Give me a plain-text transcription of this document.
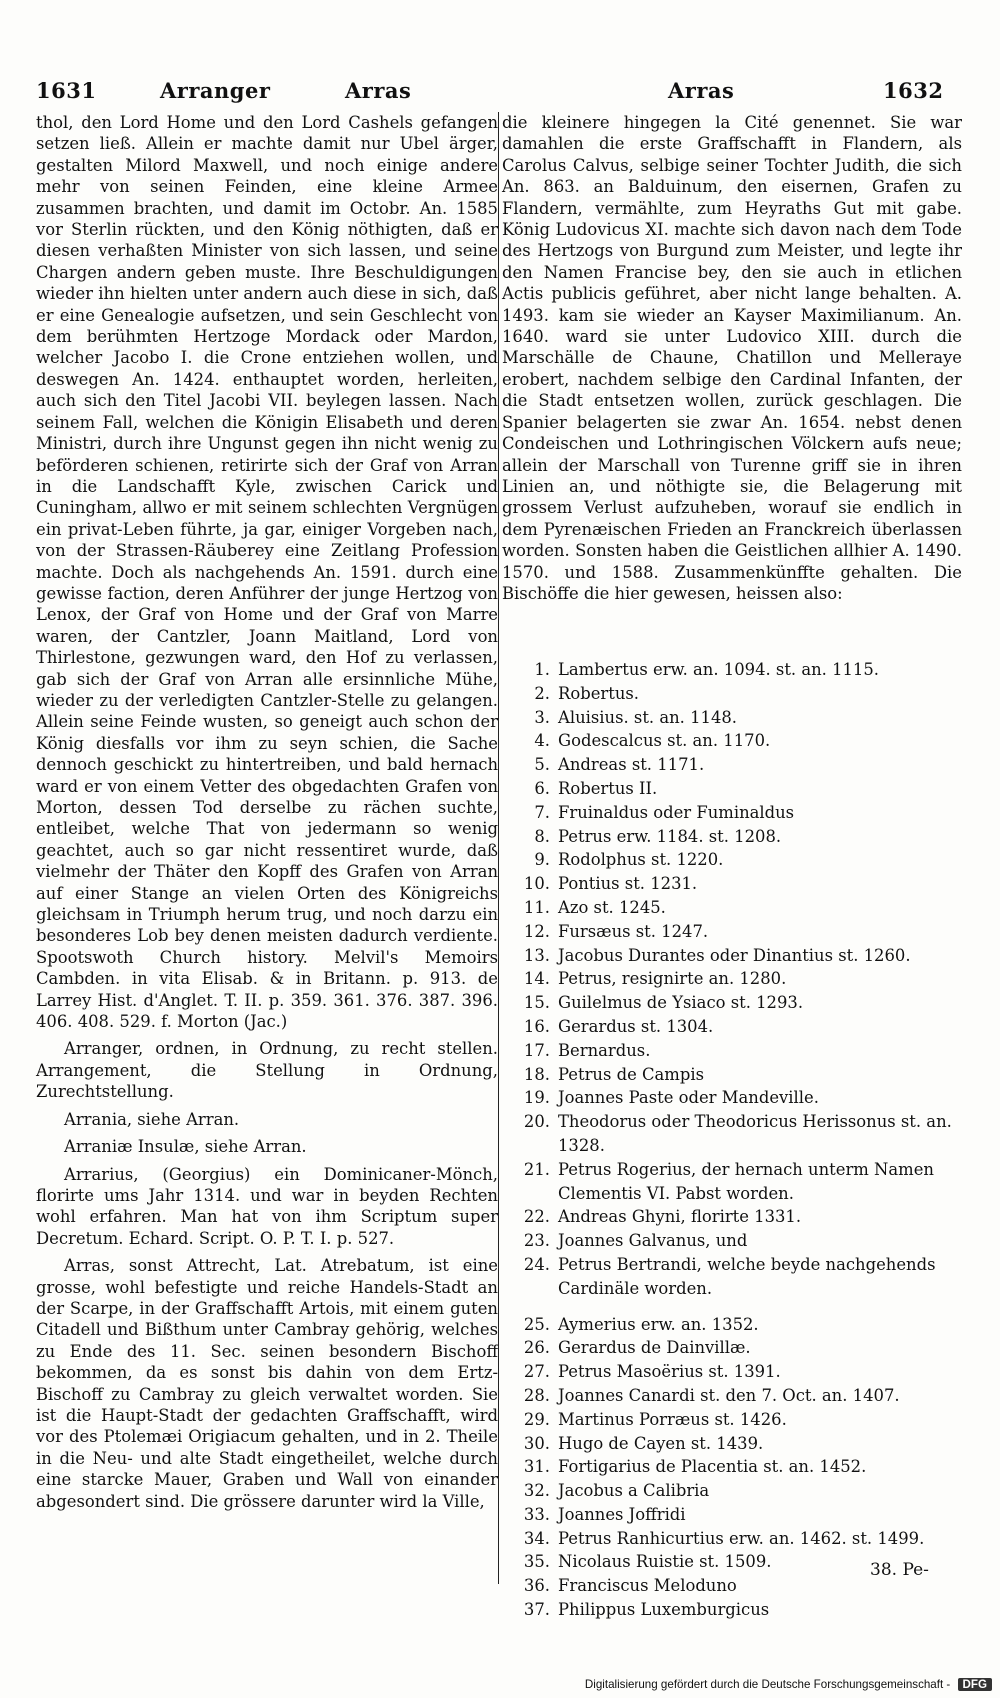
1631	Arranger	Arras	Arras	1632

thol, den Lord Home und den Lord Cashels gefangen setzen ließ. Allein er machte damit nur Ubel ärger, gestalten Milord Maxwell, und noch einige andere mehr von seinen Feinden, eine kleine Armee zusammen brachten, und damit im Octobr. An. 1585 vor Sterlin rückten, und den König nöthigten, daß er diesen verhaßten Minister von sich lassen, und seine Chargen andern geben muste. Ihre Beschuldigungen wieder ihn hielten unter andern auch diese in sich, daß er eine Genealogie aufsetzen, und sein Geschlecht von dem berühmten Hertzoge Mordack oder Mardon, welcher Jacobo I. die Crone entziehen wollen, und deswegen An. 1424. enthauptet worden, herleiten, auch sich den Titel Jacobi VII. beylegen lassen. Nach seinem Fall, welchen die Königin Elisabeth und deren Ministri, durch ihre Ungunst gegen ihn nicht wenig zu beförderen schienen, retirirte sich der Graf von Arran in die Landschafft Kyle, zwischen Carick und Cuningham, allwo er mit seinem schlechten Vergnügen ein privat-Leben führte, ja gar, einiger Vorgeben nach, von der Strassen-Räuberey eine Zeitlang Profession machte. Doch als nachgehends An. 1591. durch eine gewisse faction, deren Anführer der junge Hertzog von Lenox, der Graf von Home und der Graf von Marre waren, der Cantzler, Joann Maitland, Lord von Thirlestone, gezwungen ward, den Hof zu verlassen, gab sich der Graf von Arran alle ersinnliche Mühe, wieder zu der verledigten Cantzler-Stelle zu gelangen. Allein seine Feinde wusten, so geneigt auch schon der König diesfalls vor ihm zu seyn schien, die Sache dennoch geschickt zu hintertreiben, und bald hernach ward er von einem Vetter des obgedachten Grafen von Morton, dessen Tod derselbe zu rächen suchte, entleibet, welche That von jedermann so wenig geachtet, auch so gar nicht ressentiret wurde, daß vielmehr der Thäter den Kopff des Grafen von Arran auf einer Stange an vielen Orten des Königreichs gleichsam in Triumph herum trug, und noch darzu ein besonderes Lob bey denen meisten dadurch verdiente. Spootswoth Church history. Melvil's Memoirs Cambden. in vita Elisab. & in Britann. p. 913. de Larrey Hist. d'Anglet. T. II. p. 359. 361. 376. 387. 396. 406. 408. 529. f. Morton (Jac.)

Arranger, ordnen, in Ordnung, zu recht stellen. Arrangement, die Stellung in Ordnung, Zurechtstellung.

Arrania, siehe Arran.

Arraniæ Insulæ, siehe Arran.

Arrarius, (Georgius) ein Dominicaner-Mönch, florirte ums Jahr 1314. und war in beyden Rechten wohl erfahren. Man hat von ihm Scriptum super Decretum. Echard. Script. O. P. T. I. p. 527.

Arras, sonst Attrecht, Lat. Atrebatum, ist eine grosse, wohl befestigte und reiche Handels-Stadt an der Scarpe, in der Graffschafft Artois, mit einem guten Citadell und Bißthum unter Cambray gehörig, welches zu Ende des 11. Sec. seinen besondern Bischoff bekommen, da es sonst bis dahin von dem Ertz-Bischoff zu Cambray zu gleich verwaltet worden. Sie ist die Haupt-Stadt der gedachten Graffschafft, wird vor des Ptolemæi Origiacum gehalten, und in 2. Theile in die Neu- und alte Stadt eingetheilet, welche durch eine starcke Mauer, Graben und Wall von einander abgesondert sind. Die grössere darunter wird la Ville,

die kleinere hingegen la Cité genennet. Sie war damahlen die erste Graffschafft in Flandern, als Carolus Calvus, selbige seiner Tochter Judith, die sich An. 863. an Balduinum, den eisernen, Grafen zu Flandern, vermählte, zum Heyraths Gut mit gabe. König Ludovicus XI. machte sich davon nach dem Tode des Hertzogs von Burgund zum Meister, und legte ihr den Namen Francise bey, den sie auch in etlichen Actis publicis geführet, aber nicht lange behalten. A. 1493. kam sie wieder an Kayser Maximilianum. An. 1640. ward sie unter Ludovico XIII. durch die Marschälle de Chaune, Chatillon und Melleraye erobert, nachdem selbige den Cardinal Infanten, der die Stadt entsetzen wollen, zurück geschlagen. Die Spanier belagerten sie zwar An. 1654. nebst denen Condeischen und Lothringischen Völckern aufs neue; allein der Marschall von Turenne griff sie in ihren Linien an, und nöthigte sie, die Belagerung mit grossem Verlust aufzuheben, worauf sie endlich in dem Pyrenæischen Frieden an Franckreich überlassen worden. Sonsten haben die Geistlichen allhier A. 1490. 1570. und 1588. Zusammenkünffte gehalten. Die Bischöffe die hier gewesen, heissen also:

1. Lambertus erw. an. 1094. st. an. 1115.
2. Robertus.
3. Aluisius. st. an. 1148.
4. Godescalcus st. an. 1170.
5. Andreas st. 1171.
6. Robertus II.
7. Fruinaldus oder Fuminaldus
8. Petrus erw. 1184. st. 1208.
9. Rodolphus st. 1220.
10. Pontius st. 1231.
11. Azo st. 1245.
12. Fursæus st. 1247.
13. Jacobus Durantes oder Dinantius st. 1260.
14. Petrus, resignirte an. 1280.
15. Guilelmus de Ysiaco st. 1293.
16. Gerardus st. 1304.
17. Bernardus.
18. Petrus de Campis
19. Joannes Paste oder Mandeville.
20. Theodorus oder Theodoricus Herissonus st. an. 1328.
21. Petrus Rogerius, der hernach unterm Namen Clementis VI. Pabst worden.
22. Andreas Ghyni, florirte 1331.
23. Joannes Galvanus, und
24. Petrus Bertrandi, welche beyde nachgehends Cardinäle worden.
25. Aymerius erw. an. 1352.
26. Gerardus de Dainvillæ.
27. Petrus Masoërius st. 1391.
28. Joannes Canardi st. den 7. Oct. an. 1407.
29. Martinus Porræus st. 1426.
30. Hugo de Cayen st. 1439.
31. Fortigarius de Placentia st. an. 1452.
32. Jacobus a Calibria
33. Joannes Joffridi
34. Petrus Ranhicurtius erw. an. 1462. st. 1499.
35. Nicolaus Ruistie st. 1509.
36. Franciscus Meloduno
37. Philippus Luxemburgicus
38. Pe-
Digitalisierung gefördert durch die Deutsche Forschungsgemeinschaft - DFG
